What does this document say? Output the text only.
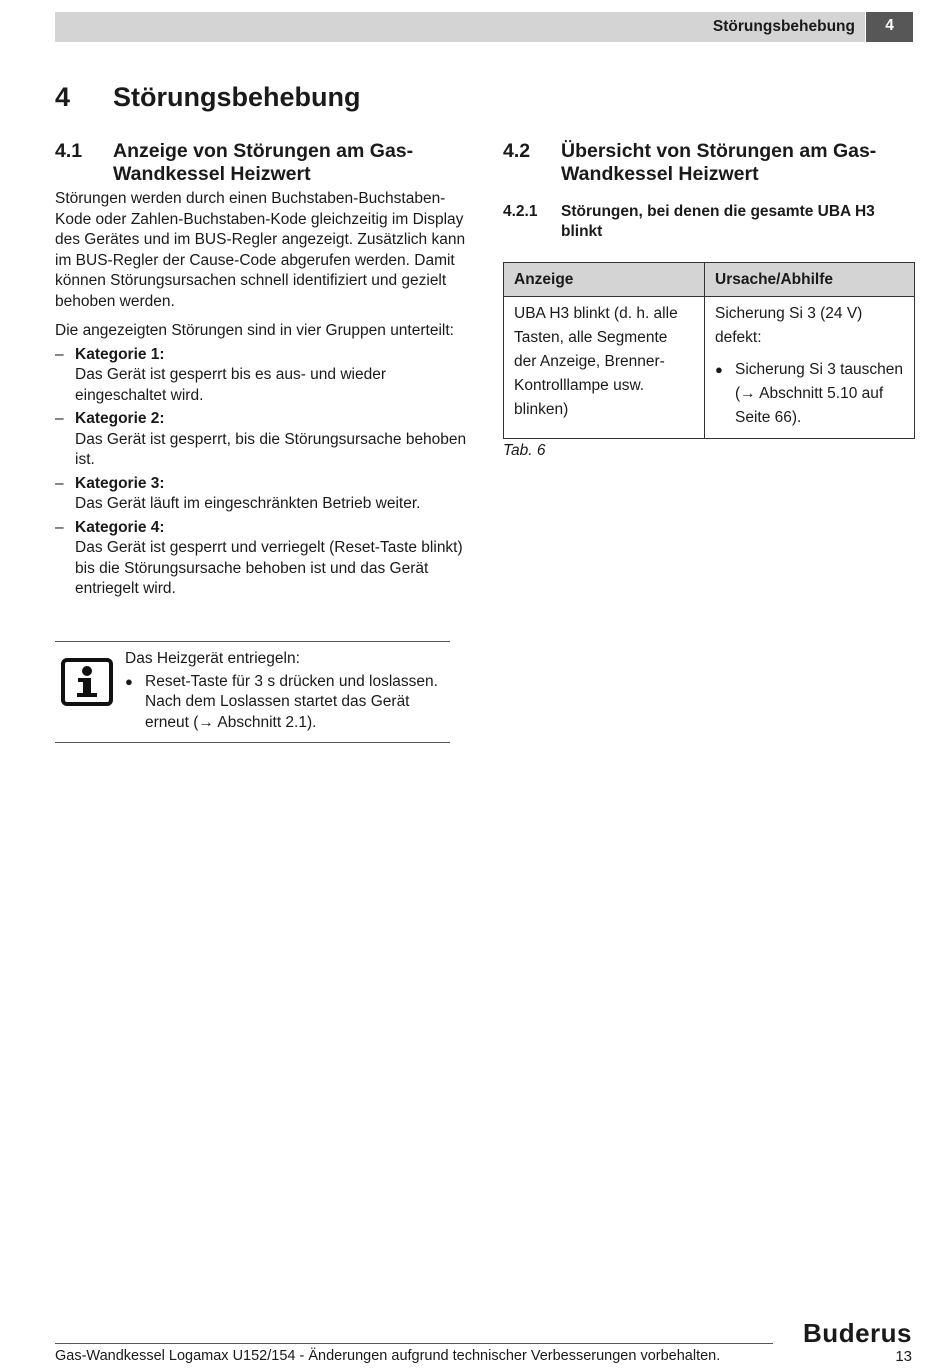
Störungsbehebung	4
4 Störungsbehebung
4.1	Anzeige von Störungen am Gas-Wandkessel Heizwert

Störungen werden durch einen Buchstaben-Buchstaben-Kode oder Zahlen-Buchstaben-Kode gleichzeitig im Display des Gerätes und im BUS-Regler angezeigt. Zusätzlich kann im BUS-Regler der Cause-Code abgerufen werden. Damit können Störungsursachen schnell identifiziert und gezielt behoben werden.

Die angezeigten Störungen sind in vier Gruppen unterteilt:

– Kategorie 1:
Das Gerät ist gesperrt bis es aus- und wieder eingeschaltet wird.
– Kategorie 2:
Das Gerät ist gesperrt, bis die Störungsursache behoben ist.
– Kategorie 3:
Das Gerät läuft im eingeschränkten Betrieb weiter.
– Kategorie 4:
Das Gerät ist gesperrt und verriegelt (Reset-Taste blinkt) bis die Störungsursache behoben ist und das Gerät entriegelt wird.

Das Heizgerät entriegeln:

● Reset-Taste für 3 s drücken und loslassen. Nach dem Loslassen startet das Gerät erneut (→ Abschnitt 2.1).
4.2	Übersicht von Störungen am Gas-Wandkessel Heizwert
4.2.1	Störungen, bei denen die gesamte UBA H3 blinkt
Anzeige	Ursache/Abhilfe
UBA H3 blinkt (d. h. alle Tasten, alle Segmente der Anzeige, Brenner-Kontrolllampe usw. blinken)	Sicherung Si 3 (24 V) defekt:
● Sicherung Si 3 tauschen (→ Abschnitt 5.10 auf Seite 66).
Tab. 6
Buderus
Gas-Wandkessel Logamax U152/154 - Änderungen aufgrund technischer Verbesserungen vorbehalten.	13
